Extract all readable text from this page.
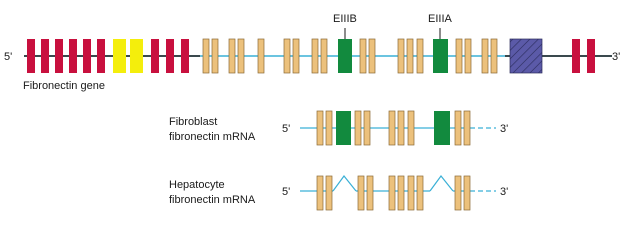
5'	3'
Fibronectin gene
EIIIB	EIIIA
Fibroblast
fibronectin mRNA
5'	3'
Hepatocyte
fibronectin mRNA
5'	3'
